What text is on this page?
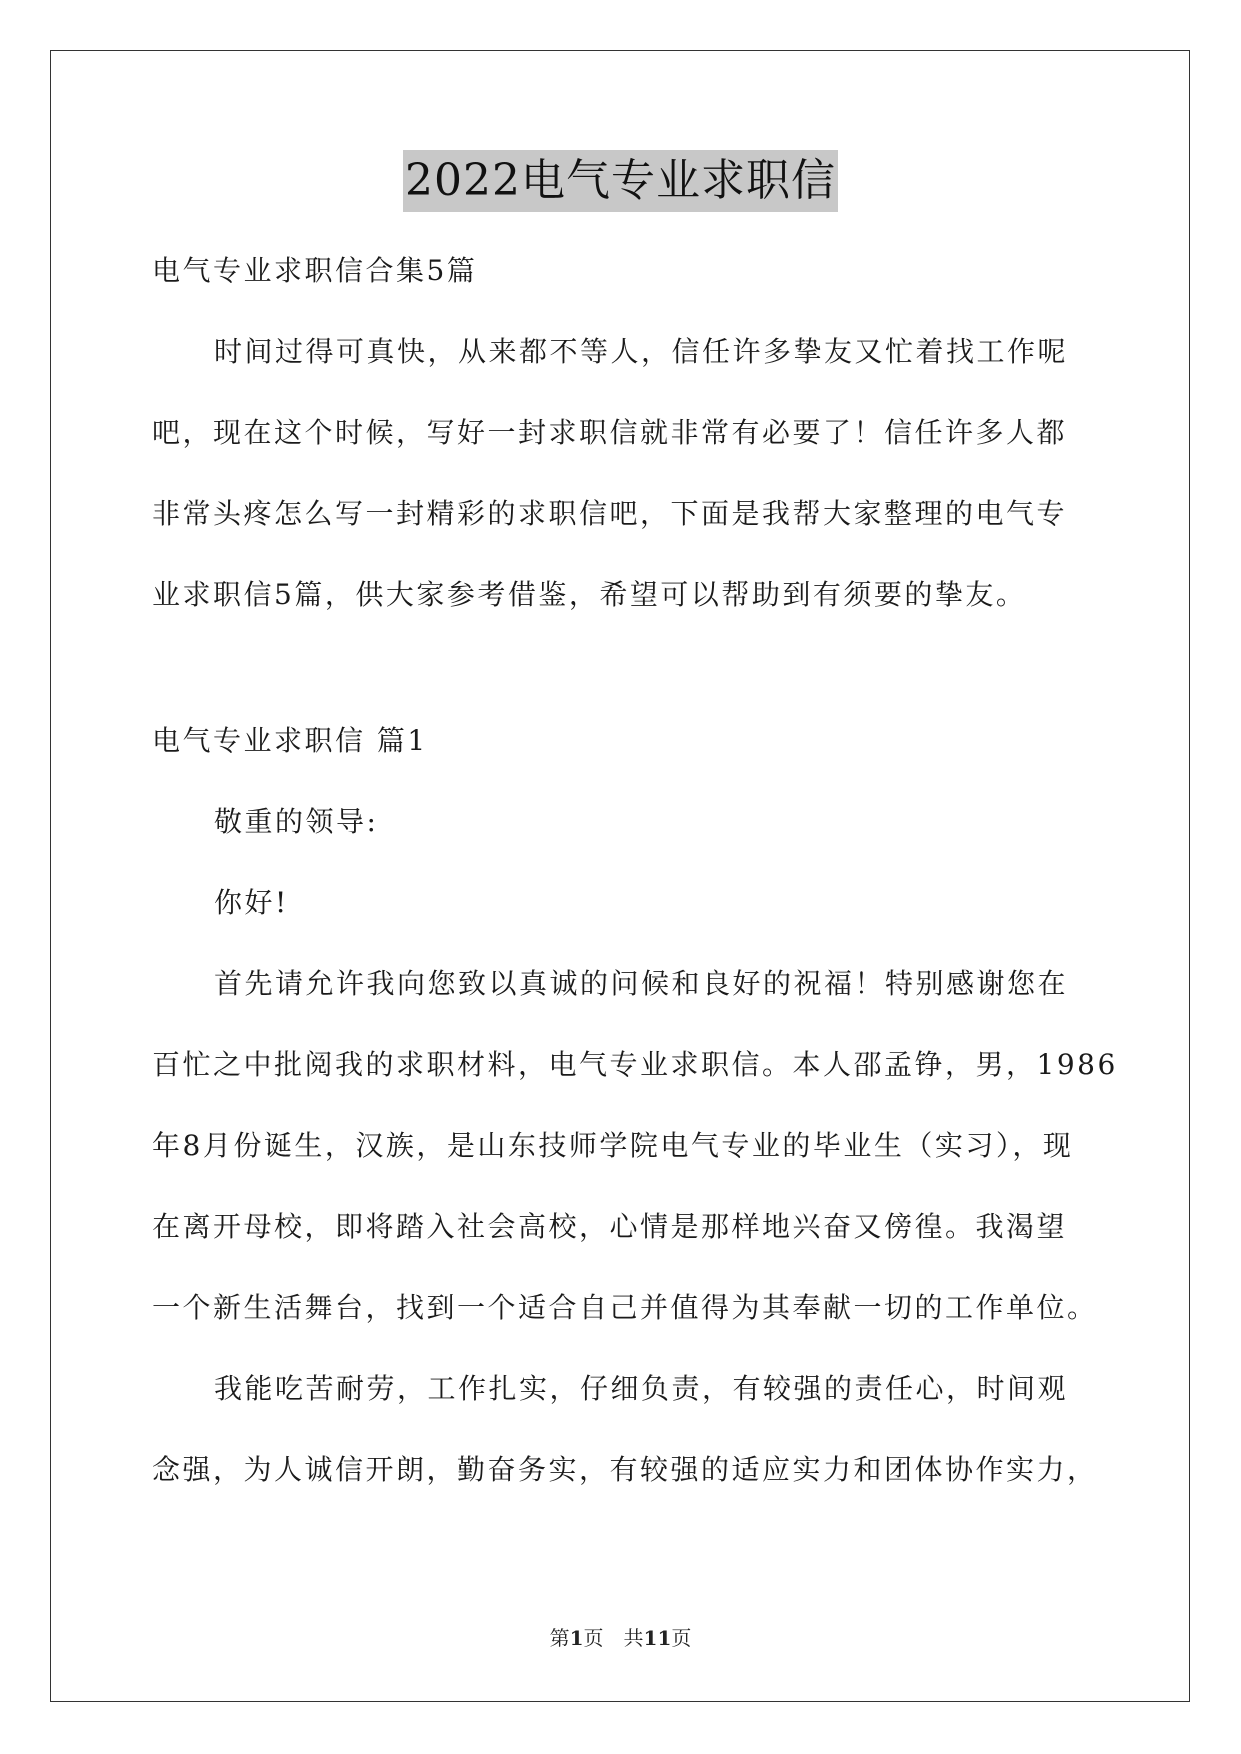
2022电气专业求职信
电气专业求职信合集5篇
时间过得可真快，从来都不等人，信任许多挚友又忙着找工作呢
吧，现在这个时候，写好一封求职信就非常有必要了！信任许多人都
非常头疼怎么写一封精彩的求职信吧，下面是我帮大家整理的电气专
业求职信5篇，供大家参考借鉴，希望可以帮助到有须要的挚友。
电气专业求职信 篇1
敬重的领导:
你好!
首先请允许我向您致以真诚的问候和良好的祝福！特别感谢您在
百忙之中批阅我的求职材料，电气专业求职信。本人邵孟铮，男，1986
年8月份诞生，汉族，是山东技师学院电气专业的毕业生（实习），现
在离开母校，即将踏入社会高校，心情是那样地兴奋又傍徨。我渴望
一个新生活舞台，找到一个适合自己并值得为其奉献一切的工作单位。
我能吃苦耐劳，工作扎实，仔细负责，有较强的责任心，时间观
念强，为人诚信开朗，勤奋务实，有较强的适应实力和团体协作实力，
第1页　共11页
